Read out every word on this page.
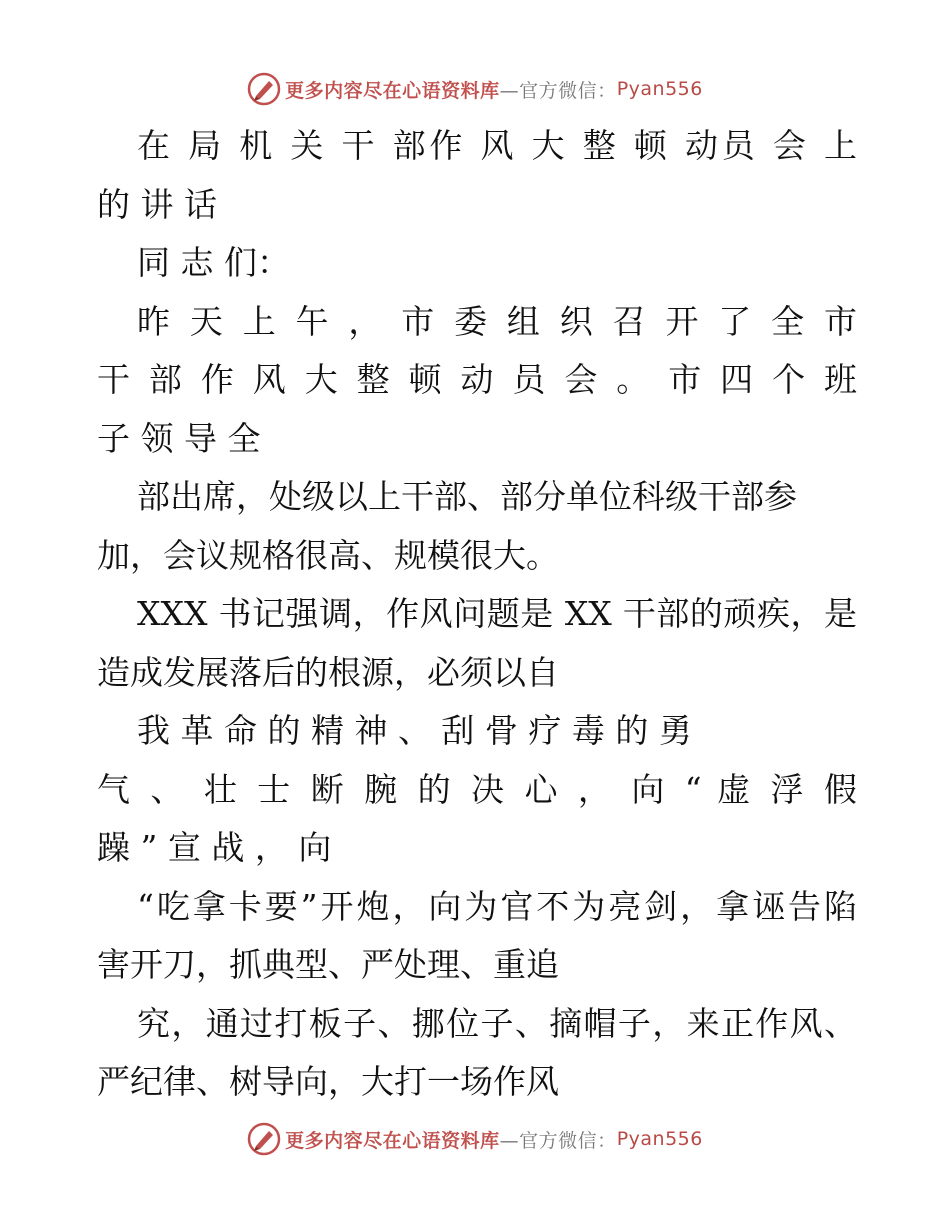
更多内容尽在心语资料库 —官方微信： Pyan556
在 局 机 关 干 部作 风 大 整 顿 动员 会 上
的 讲 话
同 志 们：
昨 天 上 午 ， 市 委 组 织 召 开 了 全 市
干 部 作 风 大 整 顿 动 员 会 。 市 四 个 班
子 领 导 全
部出席，处级以上干部、部分单位科级干部参
加，会议规格很高、规模很大。
XXX 书记强调，作风问题是 XX 干部的顽疾，是
造成发展落后的根源，必须以自
我 革 命 的 精 神 、 刮 骨 疗 毒 的 勇
气 、 壮 士 断 腕 的 决 心 ， 向 “ 虚 浮 假
躁 ” 宣 战 ， 向
“吃拿卡要”开炮，向为官不为亮剑，拿诬告陷
害开刀，抓典型、严处理、重追
究，通过打板子、挪位子、摘帽子，来正作风、
严纪律、树导向，大打一场作风
更多内容尽在心语资料库 —官方微信： Pyan556
